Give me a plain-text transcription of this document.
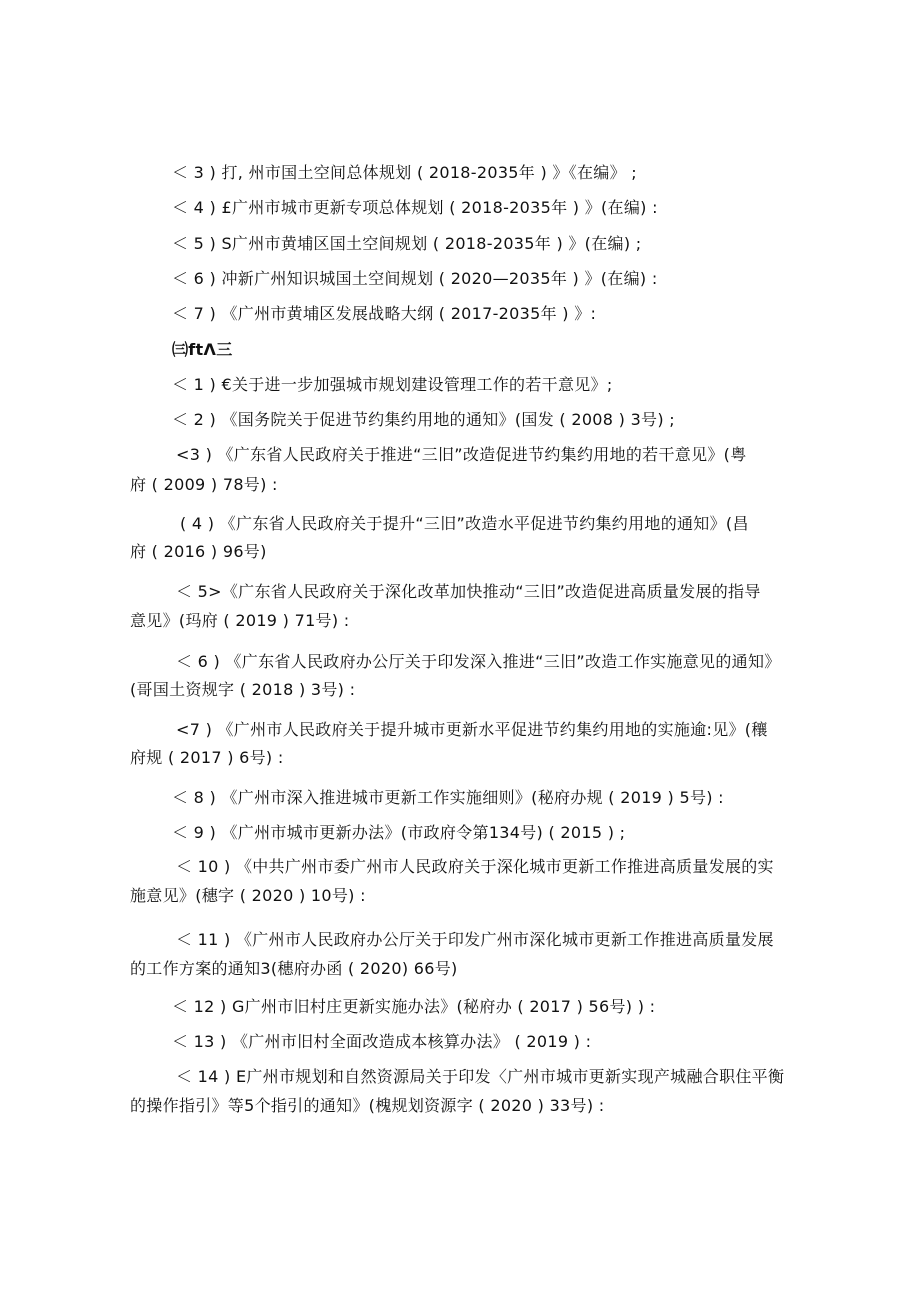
＜ 3 ) 打, 州市国土空间总体规划 ( 2018-2035年 ) 》《在编》 ;
＜ 4 ) £广州市城市更新专项总体规划 ( 2018-2035年 ) 》(在编) :
＜ 5 ) S广州市黄埔区国土空间规划 ( 2018-2035年 ) 》(在编) ;
＜ 6 ) 冲新广州知识城国土空间规划 ( 2020—2035年 ) 》(在编) :
＜ 7 ) 《广州市黄埔区发展战略大纲 ( 2017-2035年 ) 》:
㈢ftΛ三
＜ 1 ) €关于进一步加强城市规划建设管理工作的若干意见》;
＜ 2 ) 《国务院关于促进节约集约用地的通知》(国发 ( 2008 ) 3号) ;
<3 ) 《广东省人民政府关于推进“三旧”改造促进节约集约用地的若干意见》(粤
府 ( 2009 ) 78号) :
( 4 ) 《广东省人民政府关于提升“三旧”改造水平促进节约集约用地的通知》(昌
府 ( 2016 ) 96号)
＜ 5>《广东省人民政府关于深化改革加快推动“三旧”改造促进高质量发展的指导
意见》(玛府 ( 2019 ) 71号) :
＜ 6 ) 《广东省人民政府办公厅关于印发深入推进“三旧”改造工作实施意见的通知》
(哥国土资规字 ( 2018 ) 3号) :
<7 ) 《广州市人民政府关于提升城市更新水平促进节约集约用地的实施逾:见》(穰
府规 ( 2017 ) 6号) :
＜ 8 ) 《广州市深入推进城市更新工作实施细则》(秘府办规 ( 2019 ) 5号) :
＜ 9 ) 《广州市城市更新办法》(市政府令第134号) ( 2015 ) ;
＜ 10 ) 《中共广州市委广州市人民政府关于深化城市更新工作推进高质量发展的实
施意见》(穗字 ( 2020 ) 10号) :
＜ 11 ) 《广州市人民政府办公厅关于印发广州市深化城市更新工作推进高质量发展
的工作方案的通知3(穗府办函 ( 2020) 66号)
＜ 12 ) G广州市旧村庄更新实施办法》(秘府办 ( 2017 ) 56号) ) :
＜ 13 ) 《广州市旧村全面改造成本核算办法》 ( 2019 ) :
＜ 14 ) E广州市规划和自然资源局关于印发〈广州市城市更新实现产城融合职住平衡
的操作指引》等5个指引的通知》(槐规划资源字 ( 2020 ) 33号) :
